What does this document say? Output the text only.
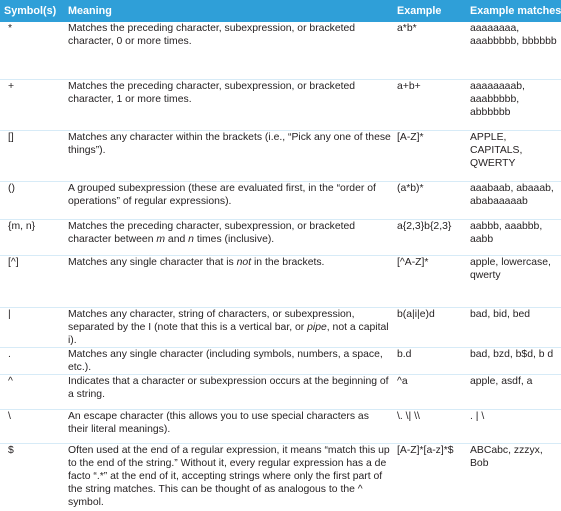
Symbol(s)	Meaning	Example	Example matches
*	Matches the preceding character, subexpression, or bracketed character, 0 or more times.	a*b*	aaaaaaaa, aaabbbbb, bbbbbb
+	Matches the preceding character, subexpression, or bracketed character, 1 or more times.	a+b+	aaaaaaaab, aaabbbbb, abbbbbb
[]	Matches any character within the brackets (i.e., “Pick any one of these things”).	[A-Z]*	APPLE, CAPITALS, QWERTY
()	A grouped subexpression (these are evaluated first, in the “order of operations” of regular expressions).	(a*b)*	aaabaab, abaaab, ababaaaaab
{m, n}	Matches the preceding character, subexpression, or bracketed character between m and n times (inclusive).	a{2,3}b{2,3}	aabbb, aaabbb, aabb
[^]	Matches any single character that is not in the brackets.	[^A-Z]*	apple, lowercase, qwerty
|	Matches any character, string of characters, or subexpression, separated by the I (note that this is a vertical bar, or pipe, not a capital i).	b(a|i|e)d	bad, bid, bed
.	Matches any single character (including symbols, numbers, a space, etc.).	b.d	bad, bzd, b$d, b d
^	Indicates that a character or subexpression occurs at the beginning of a string.	^a	apple, asdf, a
\	An escape character (this allows you to use special characters as their literal meanings).	\. \| \\	. | \
$	Often used at the end of a regular expression, it means “match this up to the end of the string.” Without it, every regular expression has a de facto “.*” at the end of it, accepting strings where only the first part of the string matches. This can be thought of as analogous to the ^ symbol.	[A-Z]*[a-z]*$	ABCabc, zzzyx, Bob
